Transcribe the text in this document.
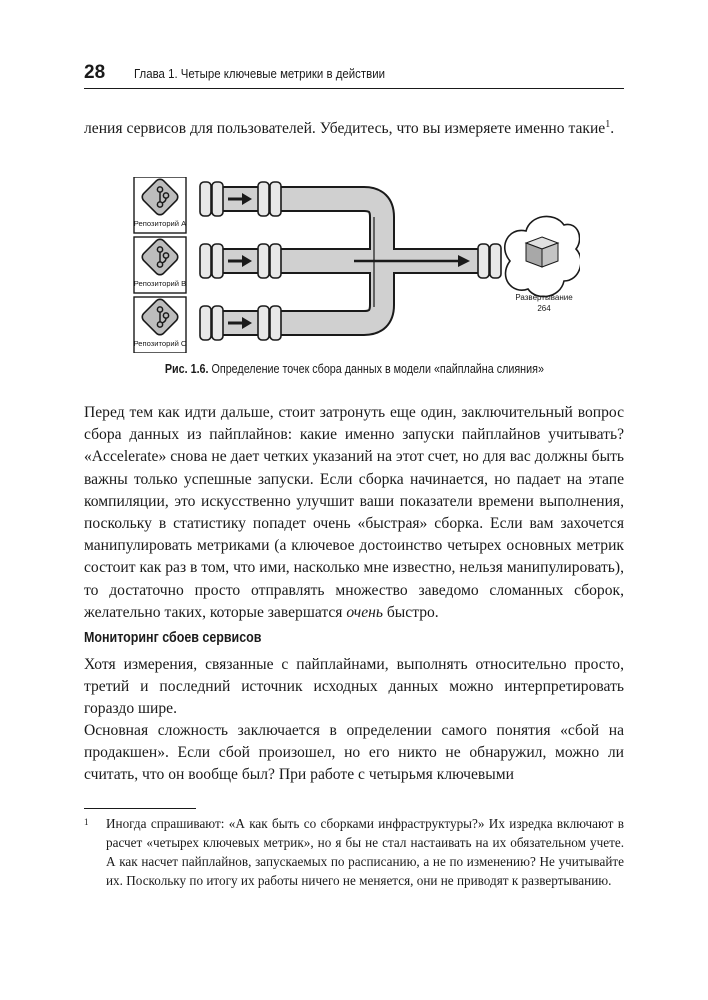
28 Глава 1. Четыре ключевые метрики в действии

ления сервисов для пользователей. Убедитесь, что вы измеряете именно такие$^1$.

Репозиторий A
Репозиторий B
Репозиторий C
Развертывание
264
Рис. 1.6. Определение точек сбора данных в модели «пайплайна слияния»

Перед тем как идти дальше, стоит затронуть еще один, заключительный вопрос сбора данных из пайплайнов: какие именно запуски пайплайнов учитывать? «Accelerate» снова не дает четких указаний на этот счет, но для вас должны быть важны только успешные запуски. Если сборка начинается, но падает на этапе компиляции, это искусственно улучшит ваши показатели времени выполнения, поскольку в статистику попадет очень «быстрая» сборка. Если вам захочется манипулировать метриками (а ключевое достоинство четырех основных метрик состоит как раз в том, что ими, насколько мне известно, нельзя манипулировать), то достаточно просто отправлять множество заведомо сломанных сборок, желательно таких, которые завершатся очень быстро.

Мониторинг сбоев сервисов

Хотя измерения, связанные с пайплайнами, выполнять относительно просто, третий и последний источник исходных данных можно интерпретировать гораздо шире.

Основная сложность заключается в определении самого понятия «сбой на продакшен». Если сбой произошел, но его никто не обнаружил, можно ли считать, что он вообще был? При работе с четырьмя ключевыми

1 Иногда спрашивают: «А как быть со сборками инфраструктуры?» Их изредка включают в расчет «четырех ключевых метрик», но я бы не стал настаивать на их обязательном учете. А как насчет пайплайнов, запускаемых по расписанию, а не по изменению? Не учитывайте их. Поскольку по итогу их работы ничего не меняется, они не приводят к развертыванию.
